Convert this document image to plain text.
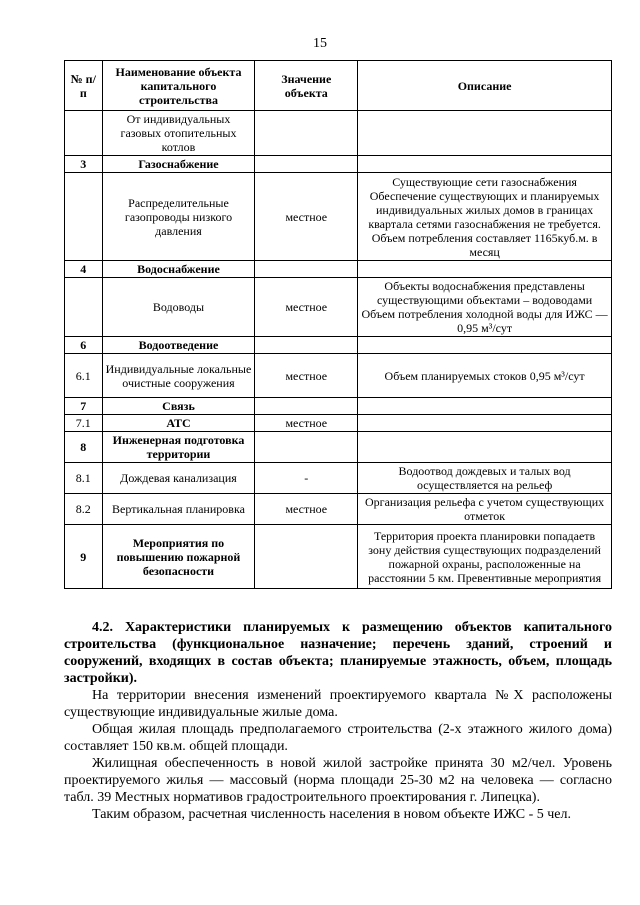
15
№ п/п	Наименование объекта капитального строительства	Значение объекта	Описание
	От индивидуальных газовых отопительных котлов		
3	Газоснабжение		
	Распределительные газопроводы низкого давления	местное	Существующие сети газоснабжения Обеспечение существующих и планируемых индивидуальных жилых домов в границах квартала сетями газоснабжения не требуется. Объем потребления составляет 1165куб.м. в месяц
4	Водоснабжение		
	Водоводы	местное	Объекты водоснабжения представлены существующими объектами – водоводами Объем потребления холодной воды для ИЖС — 0,95 м³/сут
6	Водоотведение		
6.1	Индивидуальные локальные очистные сооружения	местное	Объем планируемых стоков 0,95 м³/сут
7	Связь		
7.1	АТС	местное	
8	Инженерная подготовка территории		
8.1	Дождевая канализация	-	Водоотвод дождевых и талых вод осуществляется на рельеф
8.2	Вертикальная планировка	местное	Организация рельефа с учетом существующих отметок
9	Мероприятия по повышению пожарной безопасности		Территория проекта планировки попадаетв зону действия существующих подразделений пожарной охраны, расположенные на расстоянии 5 км. Превентивные мероприятия

4.2. Характеристики планируемых к размещению объектов капитального строительства (функциональное назначение; перечень зданий, строений и сооружений, входящих в состав объекта; планируемые этажность, объем, площадь застройки).

На территории внесения изменений проектируемого квартала №Х расположены существующие индивидуальные жилые дома.

Общая жилая площадь предполагаемого строительства (2-х этажного жилого дома) составляет 150 кв.м. общей площади.

Жилищная обеспеченность в новой жилой застройке принята 30 м2/чел. Уровень проектируемого жилья — массовый (норма площади 25-30 м2 на человека — согласно табл. 39 Местных нормативов градостроительного проектирования г. Липецка).

Таким образом, расчетная численность населения в новом объекте ИЖС - 5 чел.
